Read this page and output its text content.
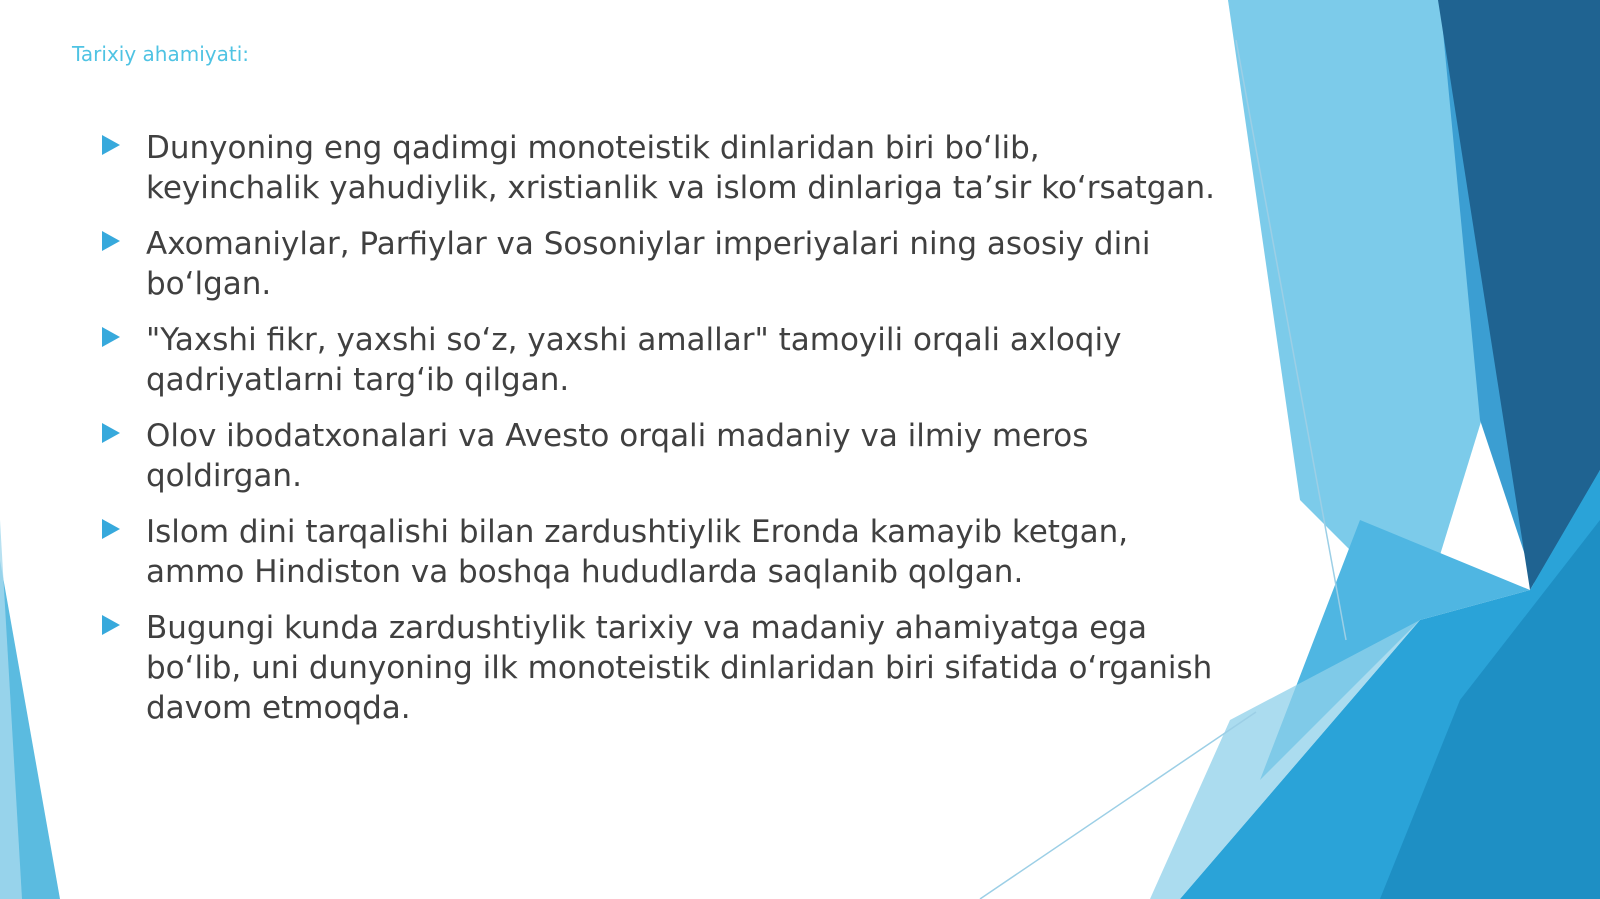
Tarixiy ahamiyati:
Dunyoning eng qadimgi monoteistik dinlaridan biri bo‘lib, keyinchalik yahudiylik, xristianlik va islom dinlariga ta’sir ko‘rsatgan.
Axomaniylar, Parfiylar va Sosoniylar imperiyalari ning asosiy dini bo‘lgan.
"Yaxshi fikr, yaxshi so‘z, yaxshi amallar" tamoyili orqali axloqiy qadriyatlarni targ‘ib qilgan.
Olov ibodatxonalari va Avesto orqali madaniy va ilmiy meros qoldirgan.
Islom dini tarqalishi bilan zardushtiylik Eronda kamayib ketgan, ammo Hindiston va boshqa hududlarda saqlanib qolgan.
Bugungi kunda zardushtiylik tarixiy va madaniy ahamiyatga ega bo‘lib, uni dunyoning ilk monoteistik dinlaridan biri sifatida o‘rganish davom etmoqda.
